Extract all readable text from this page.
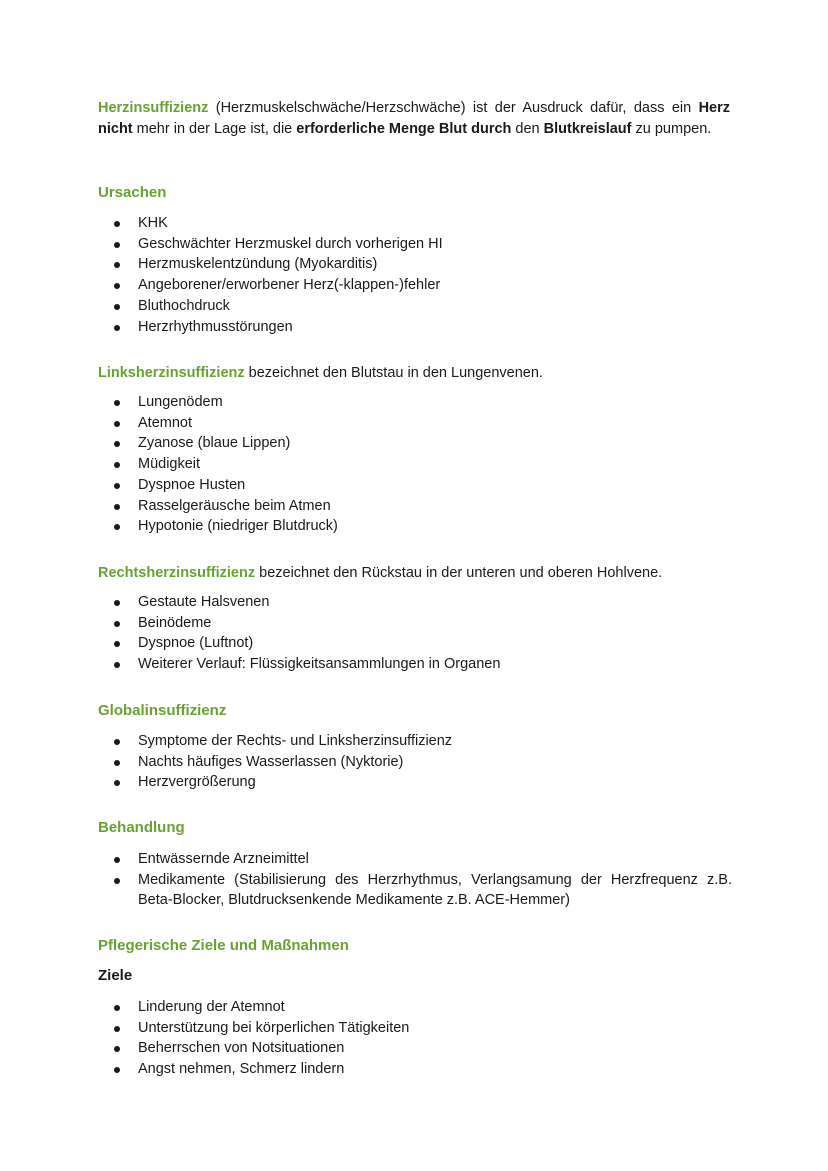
Herzinsuffizienz (Herzmuskelschwäche/Herzschwäche) ist der Ausdruck dafür, dass ein Herz nicht mehr in der Lage ist, die erforderliche Menge Blut durch den Blutkreislauf zu pumpen.

Ursachen
KHK
Geschwächter Herzmuskel durch vorherigen HI
Herzmuskelentzündung (Myokarditis)
Angeborener/erworbener Herz(-klappen-)fehler
Bluthochdruck
Herzrhythmusstörungen
Linksherzinsuffizienz bezeichnet den Blutstau in den Lungenvenen.
Lungenödem
Atemnot
Zyanose (blaue Lippen)
Müdigkeit
Dyspnoe Husten
Rasselgeräusche beim Atmen
Hypotonie (niedriger Blutdruck)
Rechtsherzinsuffizienz bezeichnet den Rückstau in der unteren und oberen Hohlvene.
Gestaute Halsvenen
Beinödeme
Dyspnoe (Luftnot)
Weiterer Verlauf: Flüssigkeitsansammlungen in Organen
Globalinsuffizienz
Symptome der Rechts- und Linksherzinsuffizienz
Nachts häufiges Wasserlassen (Nyktorie)
Herzvergrößerung
Behandlung
Entwässernde Arzneimittel
Medikamente (Stabilisierung des Herzrhythmus, Verlangsamung der Herzfrequenz z.B. Beta-Blocker, Blutdrucksenkende Medikamente z.B. ACE-Hemmer)
Pflegerische Ziele und Maßnahmen
Ziele
Linderung der Atemnot
Unterstützung bei körperlichen Tätigkeiten
Beherrschen von Notsituationen
Angst nehmen, Schmerz lindern
